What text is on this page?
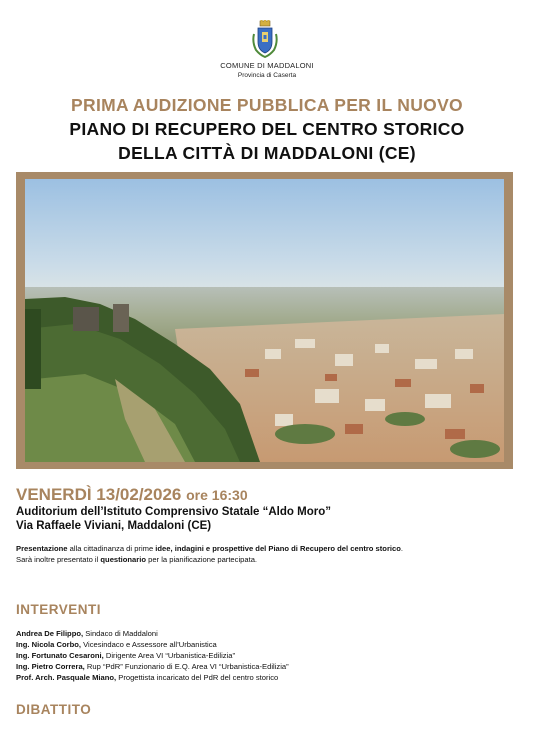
COMUNE DI MADDALONI
Provincia di Caserta
PRIMA AUDIZIONE PUBBLICA PER IL NUOVO
PIANO DI RECUPERO DEL CENTRO STORICO
DELLA CITTÀ DI MADDALONI (CE)
VENERDÌ 13/02/2026 ore 16:30
Auditorium dell’Istituto Comprensivo Statale “Aldo Moro”
Via Raffaele Viviani, Maddaloni (CE)
Presentazione alla cittadinanza di prime idee, indagini e prospettive del Piano di Recupero del centro storico.
Sarà inoltre presentato il questionario per la pianificazione partecipata.
INTERVENTI
Andrea De Filippo, Sindaco di Maddaloni
Ing. Nicola Corbo, Vicesindaco e Assessore all’Urbanistica
Ing. Fortunato Cesaroni, Dirigente Area VI “Urbanistica-Edilizia”
Ing. Pietro Correra, Rup “PdR” Funzionario di E.Q. Area VI “Urbanistica-Edilizia”
Prof. Arch. Pasquale Miano, Progettista incaricato del PdR del centro storico
DIBATTITO
